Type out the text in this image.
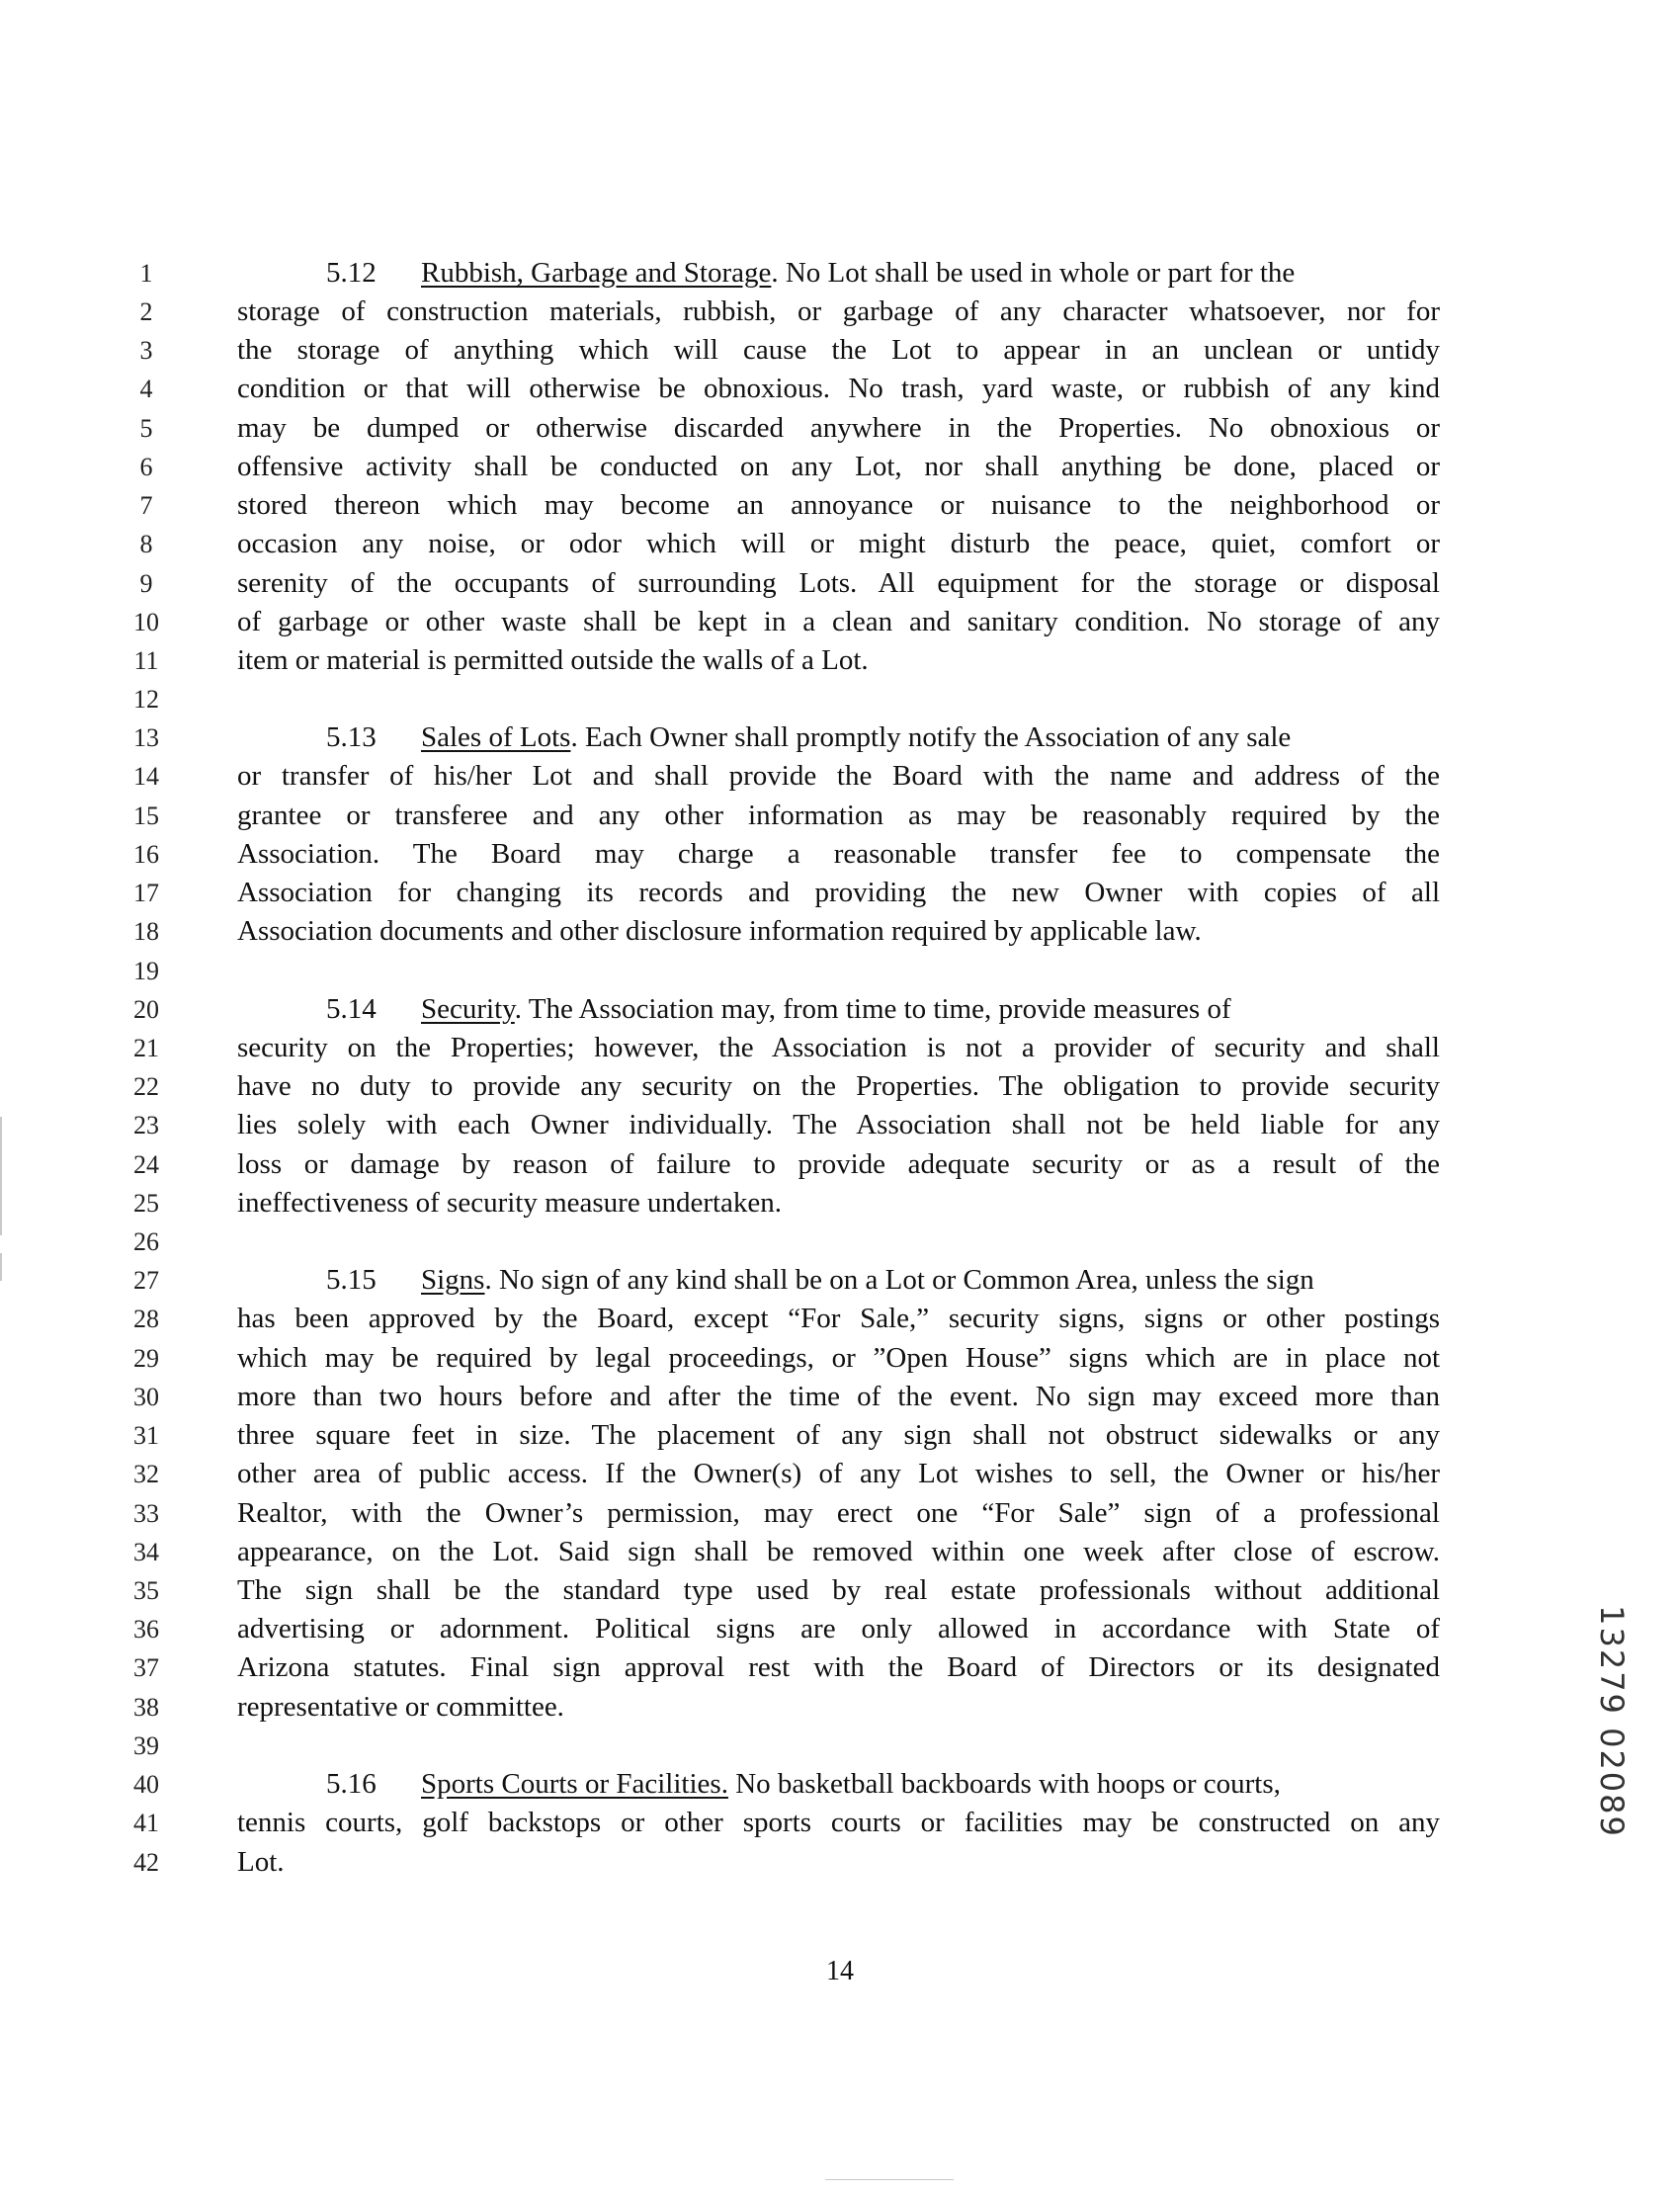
1	5.12 Rubbish, Garbage and Storage. No Lot shall be used in whole or part for the
2	storage of construction materials, rubbish, or garbage of any character whatsoever, nor for
3	the storage of anything which will cause the Lot to appear in an unclean or untidy
4	condition or that will otherwise be obnoxious. No trash, yard waste, or rubbish of any kind
5	may be dumped or otherwise discarded anywhere in the Properties. No obnoxious or
6	offensive activity shall be conducted on any Lot, nor shall anything be done, placed or
7	stored thereon which may become an annoyance or nuisance to the neighborhood or
8	occasion any noise, or odor which will or might disturb the peace, quiet, comfort or
9	serenity of the occupants of surrounding Lots. All equipment for the storage or disposal
10	of garbage or other waste shall be kept in a clean and sanitary condition. No storage of any
11	item or material is permitted outside the walls of a Lot.
12
13	5.13 Sales of Lots. Each Owner shall promptly notify the Association of any sale
14	or transfer of his/her Lot and shall provide the Board with the name and address of the
15	grantee or transferee and any other information as may be reasonably required by the
16	Association. The Board may charge a reasonable transfer fee to compensate the
17	Association for changing its records and providing the new Owner with copies of all
18	Association documents and other disclosure information required by applicable law.
19
20	5.14 Security. The Association may, from time to time, provide measures of
21	security on the Properties; however, the Association is not a provider of security and shall
22	have no duty to provide any security on the Properties. The obligation to provide security
23	lies solely with each Owner individually. The Association shall not be held liable for any
24	loss or damage by reason of failure to provide adequate security or as a result of the
25	ineffectiveness of security measure undertaken.
26
27	5.15 Signs. No sign of any kind shall be on a Lot or Common Area, unless the sign
28	has been approved by the Board, except “For Sale,” security signs, signs or other postings
29	which may be required by legal proceedings, or ”Open House” signs which are in place not
30	more than two hours before and after the time of the event. No sign may exceed more than
31	three square feet in size. The placement of any sign shall not obstruct sidewalks or any
32	other area of public access. If the Owner(s) of any Lot wishes to sell, the Owner or his/her
33	Realtor, with the Owner’s permission, may erect one “For Sale” sign of a professional
34	appearance, on the Lot. Said sign shall be removed within one week after close of escrow.
35	The sign shall be the standard type used by real estate professionals without additional
36	advertising or adornment. Political signs are only allowed in accordance with State of
37	Arizona statutes. Final sign approval rest with the Board of Directors or its designated
38	representative or committee.
39
40	5.16 Sports Courts or Facilities. No basketball backboards with hoops or courts,
41	tennis courts, golf backstops or other sports courts or facilities may be constructed on any
42	Lot.
14
13279 02089
